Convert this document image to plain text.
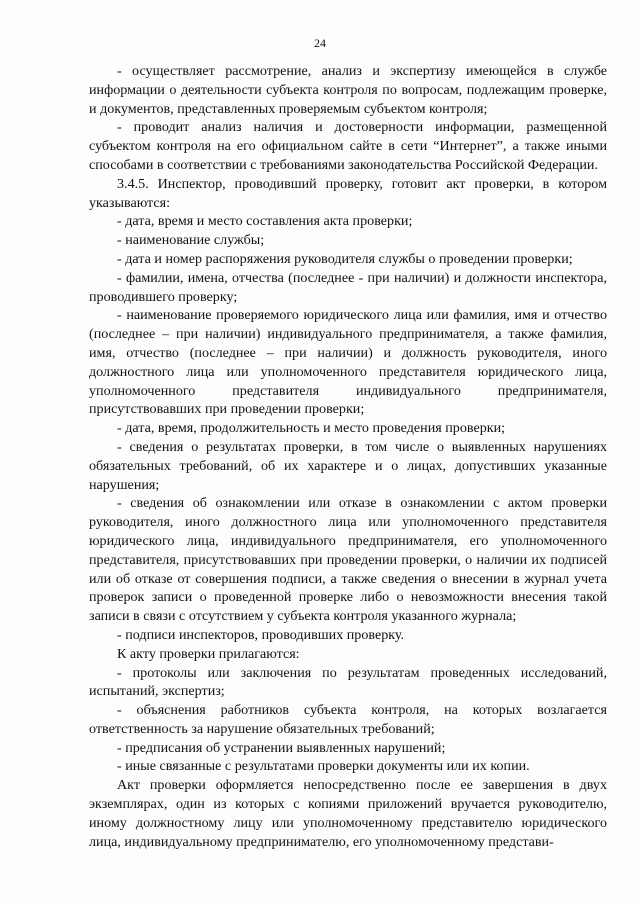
24

- осуществляет рассмотрение, анализ и экспертизу имеющейся в службе информации о деятельности субъекта контроля по вопросам, подлежащим проверке, и документов, представленных проверяемым субъектом контроля;

- проводит анализ наличия и достоверности информации, размещенной субъектом контроля на его официальном сайте в сети “Интернет”, а также иными способами в соответствии с требованиями законодательства Российской Федерации.

3.4.5. Инспектор, проводивший проверку, готовит акт проверки, в котором указываются:

- дата, время и место составления акта проверки;

- наименование службы;

- дата и номер распоряжения руководителя службы о проведении проверки;

- фамилии, имена, отчества (последнее - при наличии) и должности инспектора, проводившего проверку;

- наименование проверяемого юридического лица или фамилия, имя и отчество (последнее – при наличии) индивидуального предпринимателя, а также фамилия, имя, отчество (последнее – при наличии) и должность руководителя, иного должностного лица или уполномоченного представителя юридического лица, уполномоченного представителя индивидуального предпринимателя, присутствовавших при проведении проверки;

- дата, время, продолжительность и место проведения проверки;

- сведения о результатах проверки, в том числе о выявленных нарушениях обязательных требований, об их характере и о лицах, допустивших указанные нарушения;

- сведения об ознакомлении или отказе в ознакомлении с актом проверки руководителя, иного должностного лица или уполномоченного представителя юридического лица, индивидуального предпринимателя, его уполномоченного представителя, присутствовавших при проведении проверки, о наличии их подписей или об отказе от совершения подписи, а также сведения о внесении в журнал учета проверок записи о проведенной проверке либо о невозможности внесения такой записи в связи с отсутствием у субъекта контроля указанного журнала;

- подписи инспекторов, проводивших проверку.

К акту проверки прилагаются:

- протоколы или заключения по результатам проведенных исследований, испытаний, экспертиз;

- объяснения работников субъекта контроля, на которых возлагается ответственность за нарушение обязательных требований;

- предписания об устранении выявленных нарушений;

- иные связанные с результатами проверки документы или их копии.

Акт проверки оформляется непосредственно после ее завершения в двух экземплярах, один из которых с копиями приложений вручается руководителю, иному должностному лицу или уполномоченному представителю юридического лица, индивидуальному предпринимателю, его уполномоченному представи-
